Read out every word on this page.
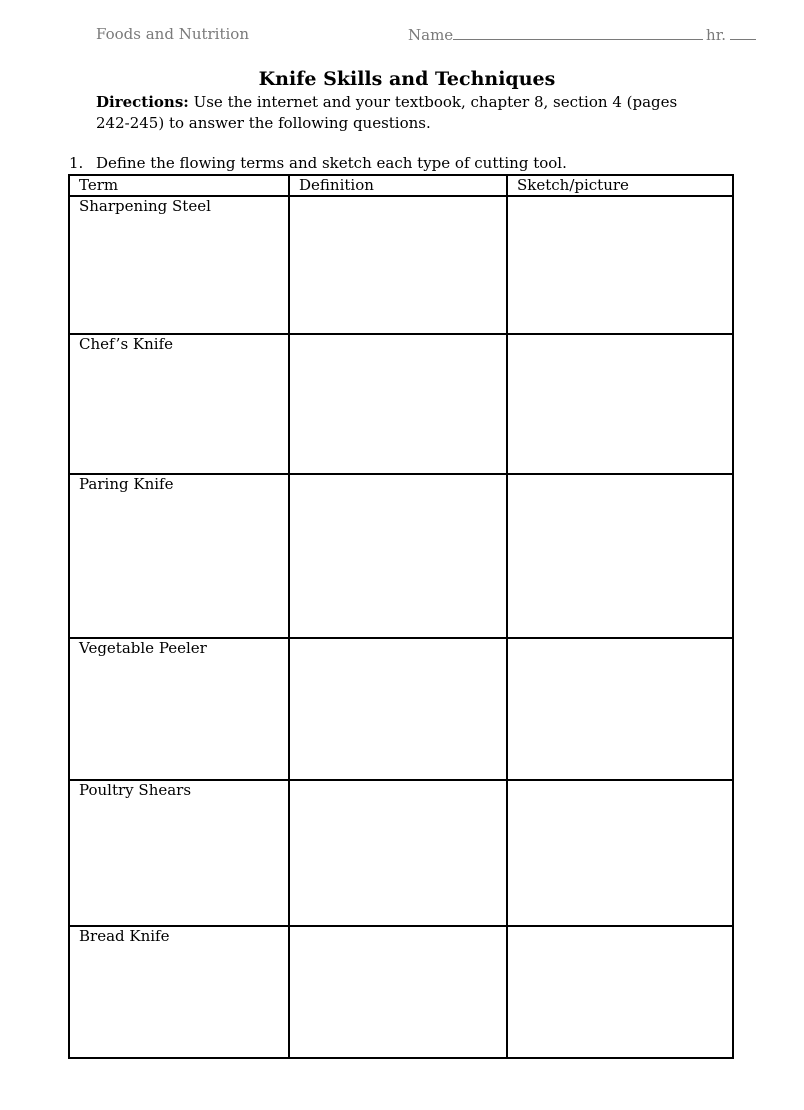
Foods and Nutrition	Name	hr.
Knife Skills and Techniques
Directions: Use the internet and your textbook, chapter 8, section 4 (pages 242-245) to answer the following questions.
1. Define the flowing terms and sketch each type of cutting tool.
Term	Definition	Sketch/picture
Sharpening Steel		
Chef’s Knife		
Paring Knife		
Vegetable Peeler		
Poultry Shears		
Bread Knife		
